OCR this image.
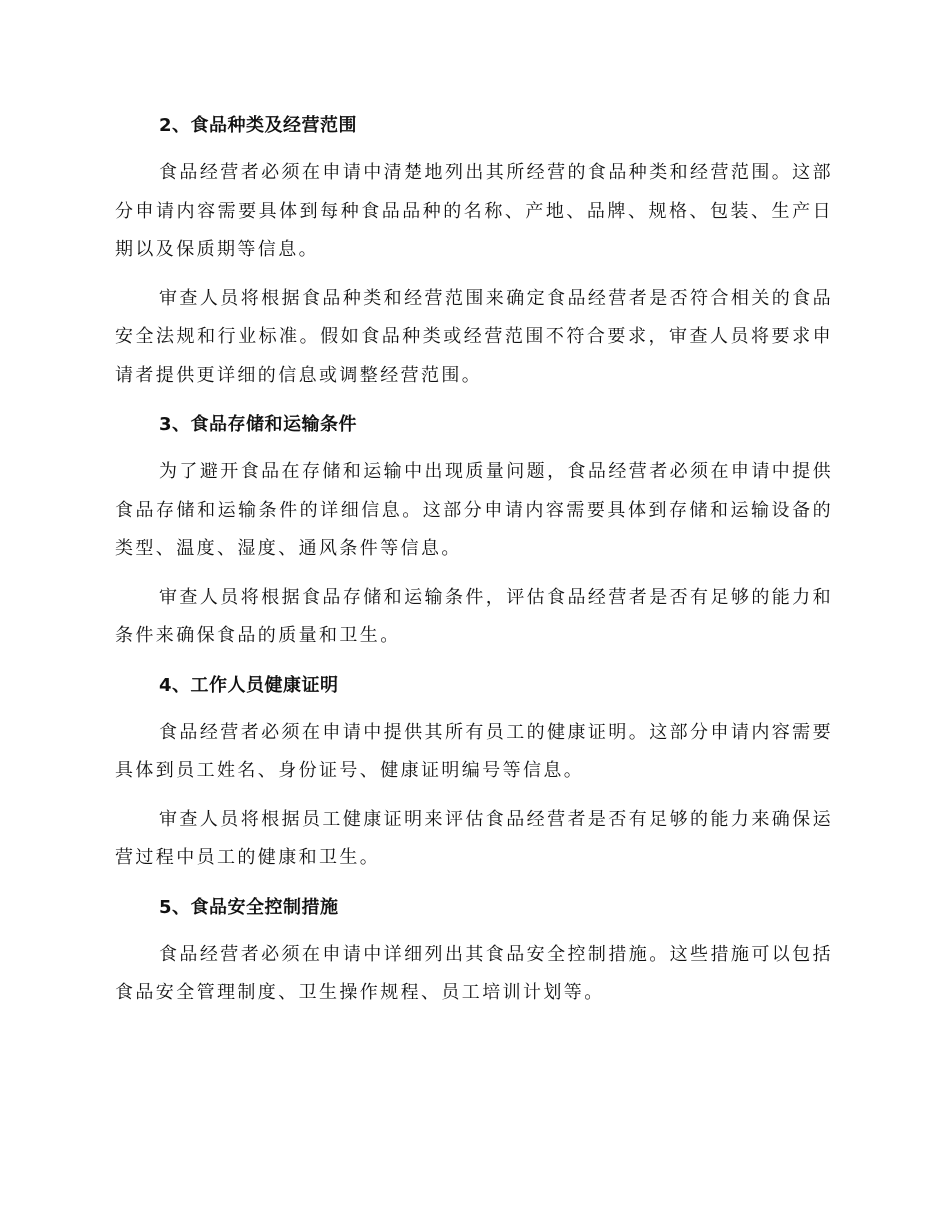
2、食品种类及经营范围

食品经营者必须在申请中清楚地列出其所经营的食品种类和经营范围。这部分申请内容需要具体到每种食品品种的名称、产地、品牌、规格、包装、生产日期以及保质期等信息。

审查人员将根据食品种类和经营范围来确定食品经营者是否符合相关的食品安全法规和行业标准。假如食品种类或经营范围不符合要求，审查人员将要求申请者提供更详细的信息或调整经营范围。

3、食品存储和运输条件

为了避开食品在存储和运输中出现质量问题，食品经营者必须在申请中提供食品存储和运输条件的详细信息。这部分申请内容需要具体到存储和运输设备的类型、温度、湿度、通风条件等信息。

审查人员将根据食品存储和运输条件，评估食品经营者是否有足够的能力和条件来确保食品的质量和卫生。

4、工作人员健康证明

食品经营者必须在申请中提供其所有员工的健康证明。这部分申请内容需要具体到员工姓名、身份证号、健康证明编号等信息。

审查人员将根据员工健康证明来评估食品经营者是否有足够的能力来确保运营过程中员工的健康和卫生。

5、食品安全控制措施

食品经营者必须在申请中详细列出其食品安全控制措施。这些措施可以包括食品安全管理制度、卫生操作规程、员工培训计划等。
